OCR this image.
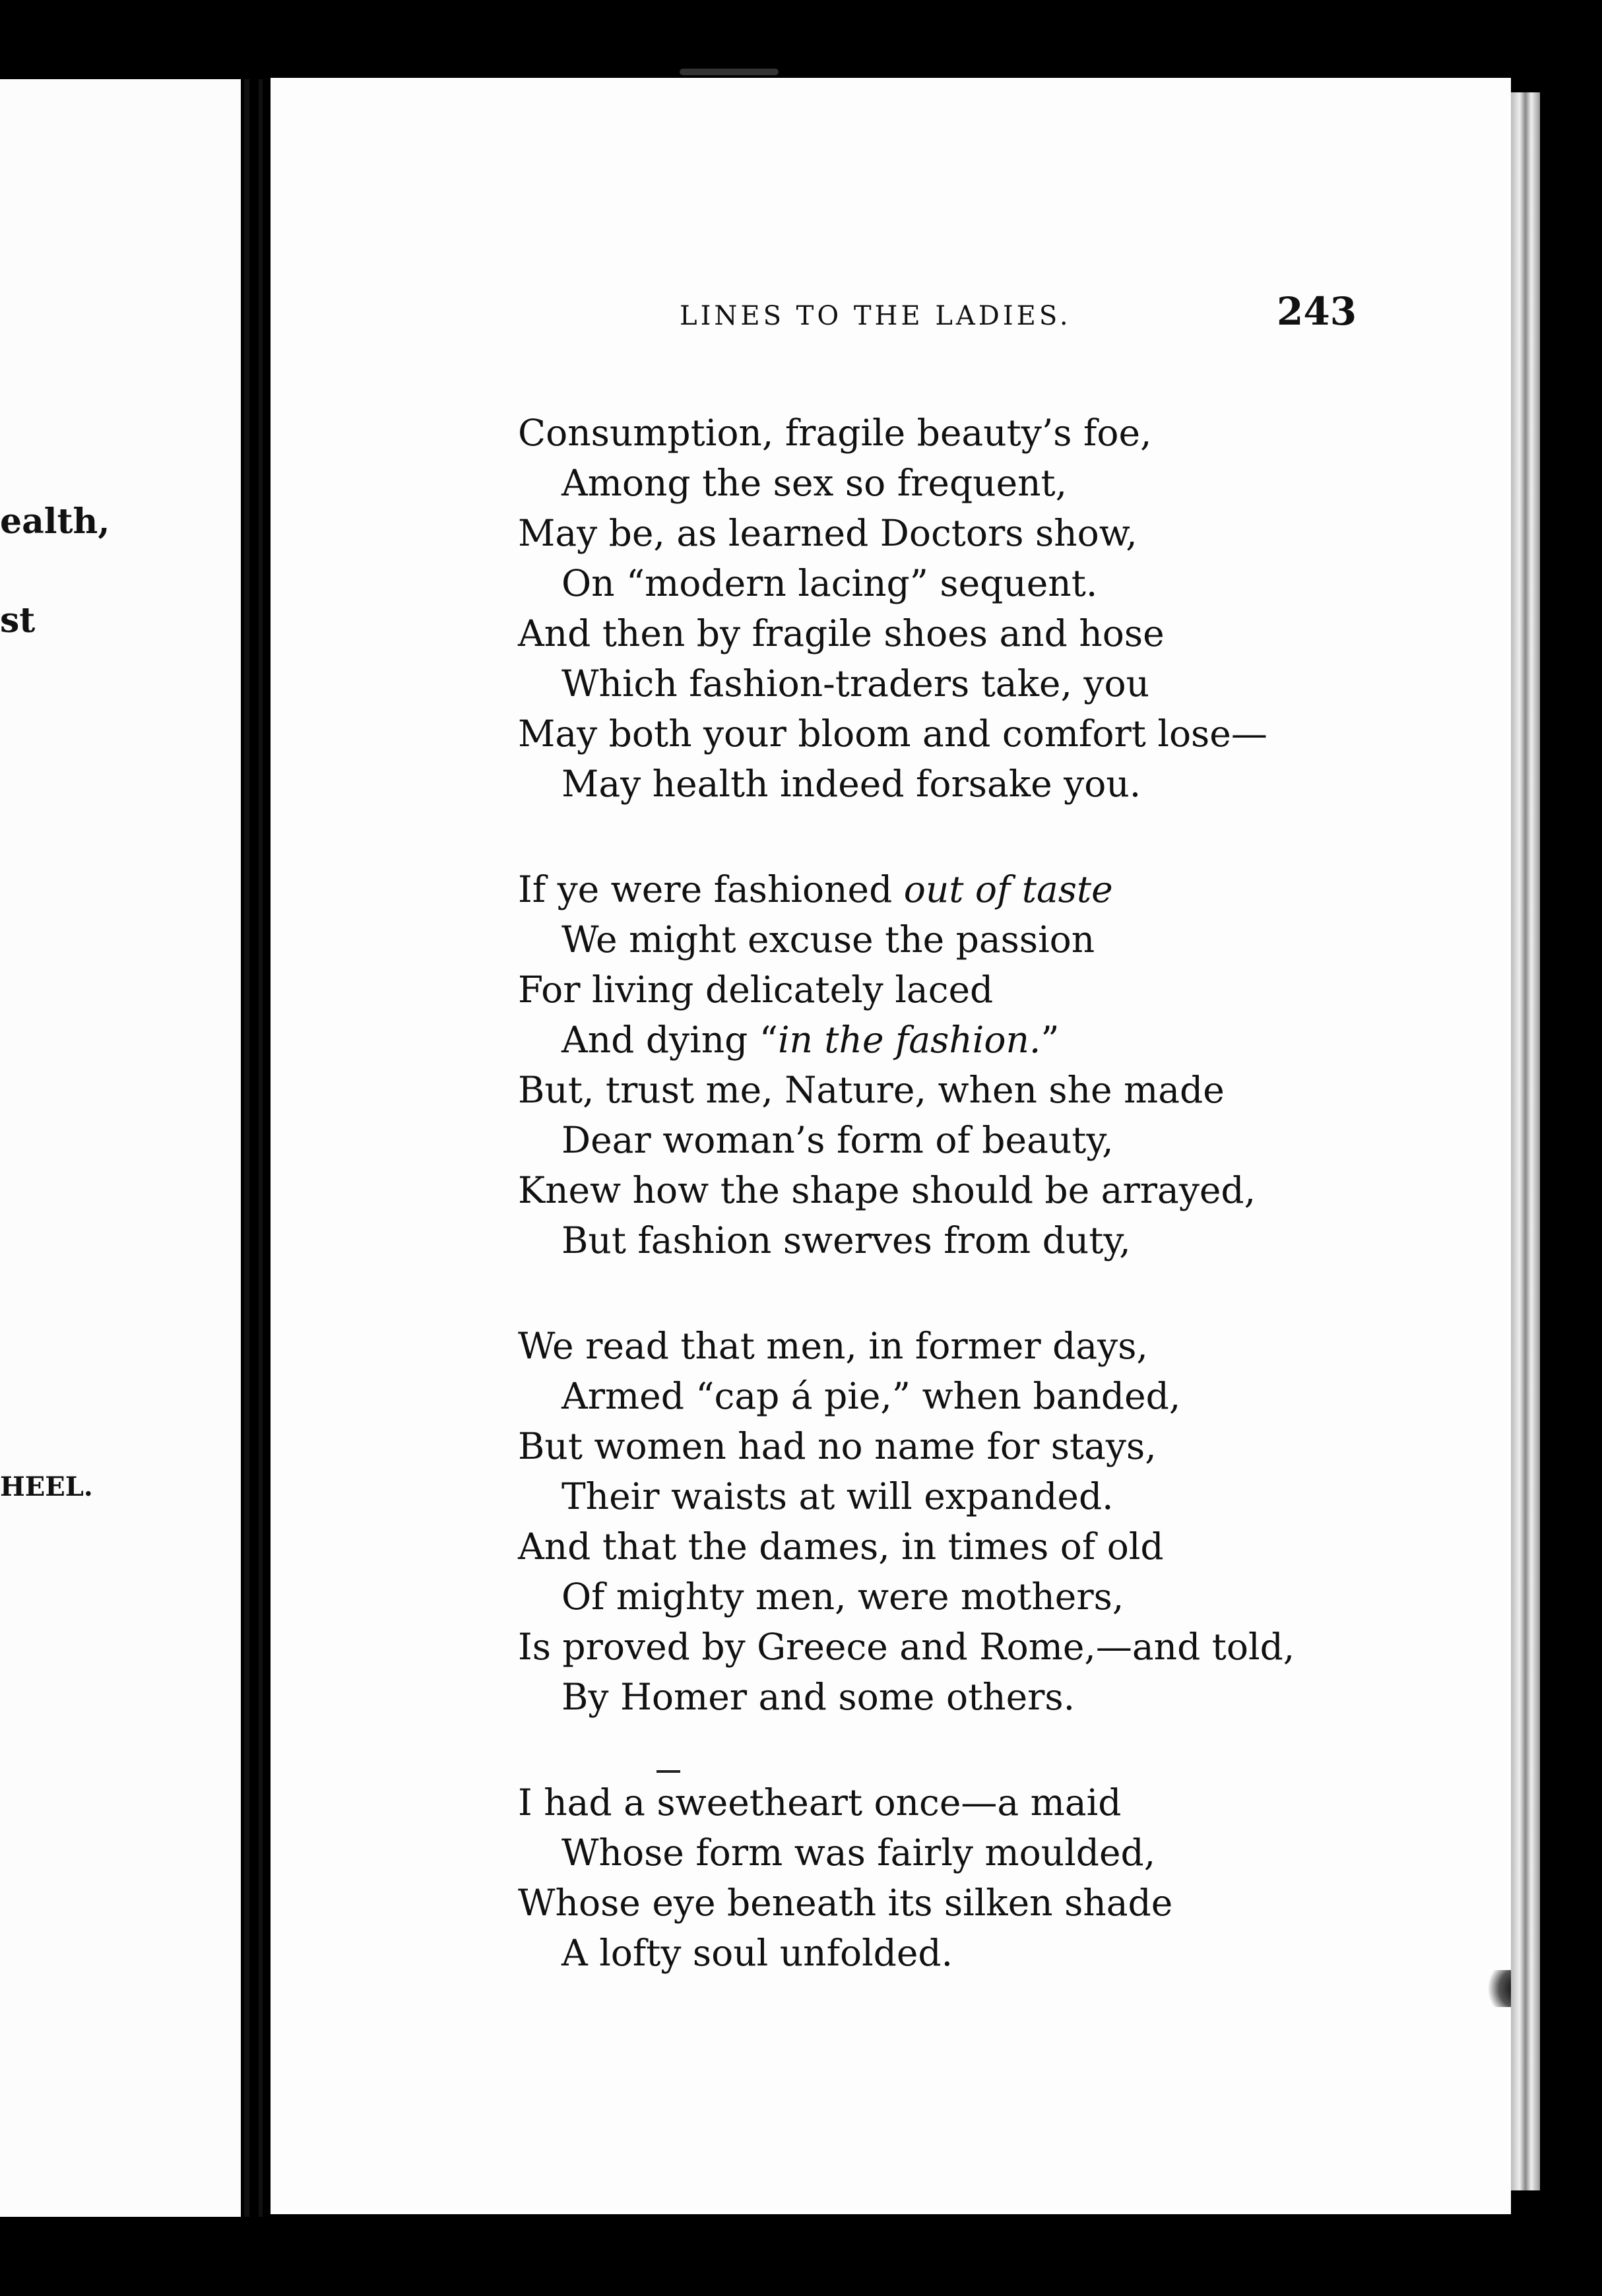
ealth,
st
HEEL.
LINES TO THE LADIES.	243
Consumption, fragile beauty’s foe,
Among the sex so frequent,
May be, as learned Doctors show,
On “modern lacing” sequent.
And then by fragile shoes and hose
Which fashion-traders take, you
May both your bloom and comfort lose—
May health indeed forsake you.
If ye were fashioned out of taste
We might excuse the passion
For living delicately laced
And dying “in the fashion.”
But, trust me, Nature, when she made
Dear woman’s form of beauty,
Knew how the shape should be arrayed,
But fashion swerves from duty,
We read that men, in former days,
Armed “cap á pie,” when banded,
But women had no name for stays,
Their waists at will expanded.
And that the dames, in times of old
Of mighty men, were mothers,
Is proved by Greece and Rome,—and told,
By Homer and some others.
I had a sweetheart once—a maid
Whose form was fairly moulded,
Whose eye beneath its silken shade
A lofty soul unfolded.
